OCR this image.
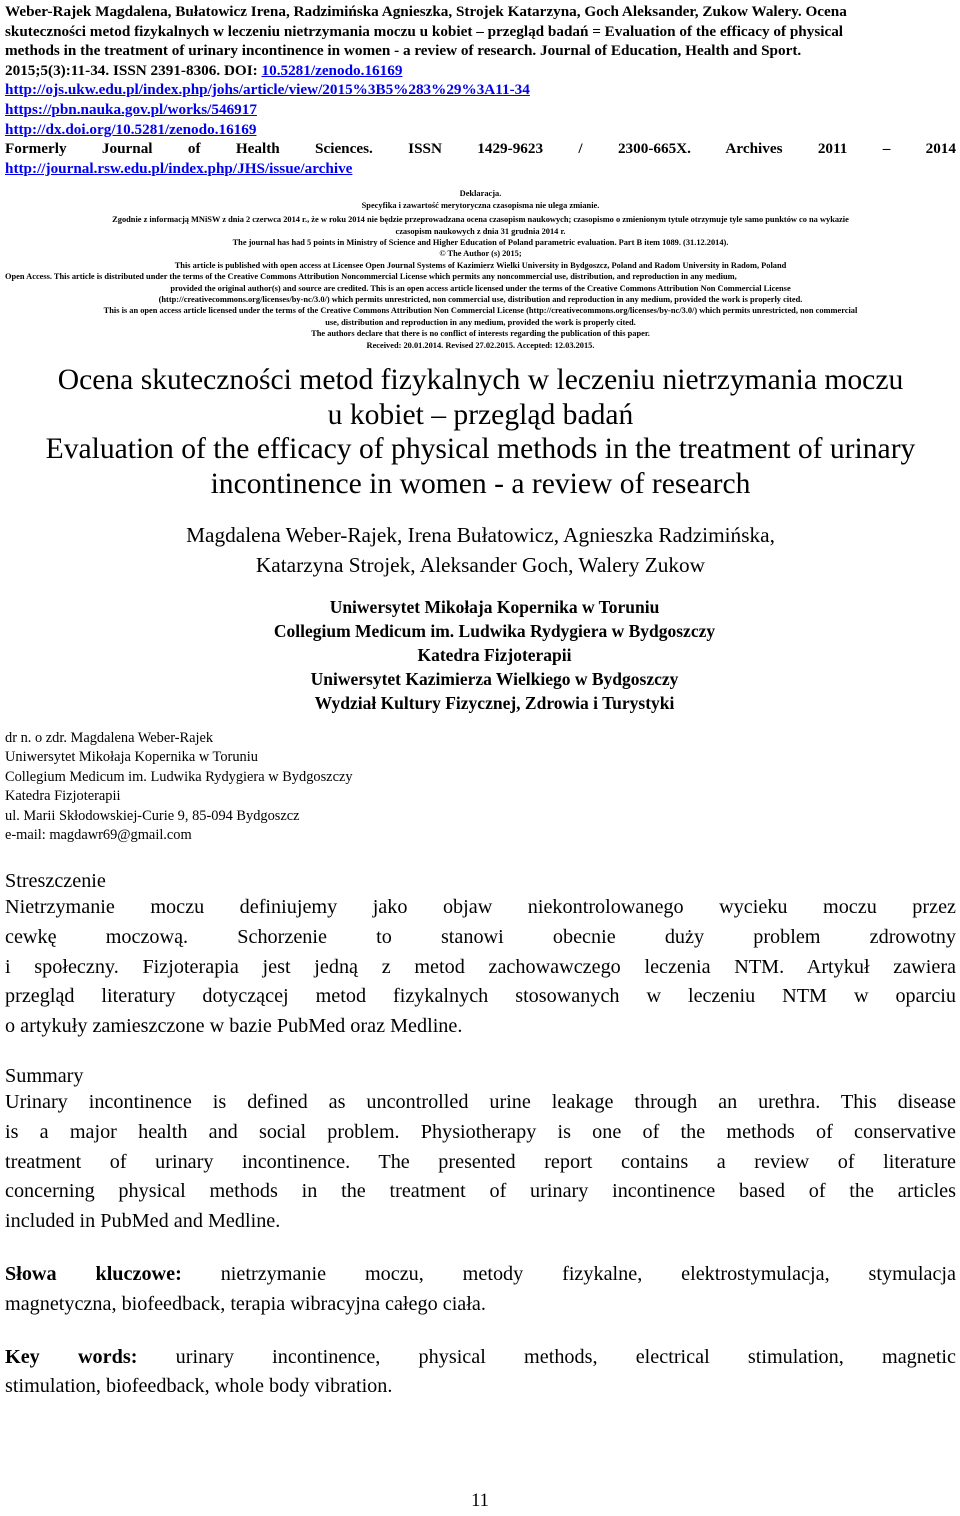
Weber-Rajek Magdalena, Bułatowicz Irena, Radzimińska Agnieszka, Strojek Katarzyna, Goch Aleksander, Zukow Walery. Ocena
skuteczności metod fizykalnych w leczeniu nietrzymania moczu u kobiet – przegląd badań = Evaluation of the efficacy of physical
methods in the treatment of urinary incontinence in women - a review of research. Journal of Education, Health and Sport.
2015;5(3):11-34. ISSN 2391-8306. DOI: 10.5281/zenodo.16169
http://ojs.ukw.edu.pl/index.php/johs/article/view/2015%3B5%283%29%3A11-34
https://pbn.nauka.gov.pl/works/546917
http://dx.doi.org/10.5281/zenodo.16169
Formerly Journal of Health Sciences. ISSN 1429-9623 / 2300-665X. Archives 2011 – 2014
http://journal.rsw.edu.pl/index.php/JHS/issue/archive
Deklaracja.
Specyfika i zawartość merytoryczna czasopisma nie ulega zmianie.
Zgodnie z informacją MNiSW z dnia 2 czerwca 2014 r., że w roku 2014 nie będzie przeprowadzana ocena czasopism naukowych; czasopismo o zmienionym tytule otrzymuje tyle samo punktów co na wykazie
czasopism naukowych z dnia 31 grudnia 2014 r.
The journal has had 5 points in Ministry of Science and Higher Education of Poland parametric evaluation. Part B item 1089. (31.12.2014).
© The Author (s) 2015;
This article is published with open access at Licensee Open Journal Systems of Kazimierz Wielki University in Bydgoszcz, Poland and Radom University in Radom, Poland
Open Access. This article is distributed under the terms of the Creative Commons Attribution Noncommercial License which permits any noncommercial use, distribution, and reproduction in any medium,
provided the original author(s) and source are credited. This is an open access article licensed under the terms of the Creative Commons Attribution Non Commercial License
(http://creativecommons.org/licenses/by-nc/3.0/) which permits unrestricted, non commercial use, distribution and reproduction in any medium, provided the work is properly cited.
This is an open access article licensed under the terms of the Creative Commons Attribution Non Commercial License (http://creativecommons.org/licenses/by-nc/3.0/) which permits unrestricted, non commercial
use, distribution and reproduction in any medium, provided the work is properly cited.
The authors declare that there is no conflict of interests regarding the publication of this paper.
Received: 20.01.2014. Revised 27.02.2015. Accepted: 12.03.2015.
Ocena skuteczności metod fizykalnych w leczeniu nietrzymania moczu
u kobiet – przegląd badań
Evaluation of the efficacy of physical methods in the treatment of urinary
incontinence in women - a review of research
Magdalena Weber-Rajek, Irena Bułatowicz, Agnieszka Radzimińska,
Katarzyna Strojek, Aleksander Goch, Walery Zukow
Uniwersytet Mikołaja Kopernika w Toruniu
Collegium Medicum im. Ludwika Rydygiera w Bydgoszczy
Katedra Fizjoterapii
Uniwersytet Kazimierza Wielkiego w Bydgoszczy
Wydział Kultury Fizycznej, Zdrowia i Turystyki
dr n. o zdr. Magdalena Weber-Rajek
Uniwersytet Mikołaja Kopernika w Toruniu
Collegium Medicum im. Ludwika Rydygiera w Bydgoszczy
Katedra Fizjoterapii
ul. Marii Skłodowskiej-Curie 9, 85-094 Bydgoszcz
e-mail: magdawr69@gmail.com
Streszczenie
Nietrzymanie moczu definiujemy jako objaw niekontrolowanego wycieku moczu przez
cewkę moczową. Schorzenie to stanowi obecnie duży problem zdrowotny
i społeczny. Fizjoterapia jest jedną z metod zachowawczego leczenia NTM. Artykuł zawiera
przegląd literatury dotyczącej metod fizykalnych stosowanych w leczeniu NTM w oparciu
o artykuły zamieszczone w bazie PubMed oraz Medline.
Summary
Urinary incontinence is defined as uncontrolled urine leakage through an urethra. This disease
is a major health and social problem. Physiotherapy is one of the methods of conservative
treatment of urinary incontinence. The presented report contains a review of literature
concerning physical methods in the treatment of urinary incontinence based of the articles
included in PubMed and Medline.
Słowa kluczowe: nietrzymanie moczu, metody fizykalne, elektrostymulacja, stymulacja
magnetyczna, biofeedback, terapia wibracyjna całego ciała.
Key words: urinary incontinence, physical methods, electrical stimulation, magnetic
stimulation, biofeedback, whole body vibration.
11
